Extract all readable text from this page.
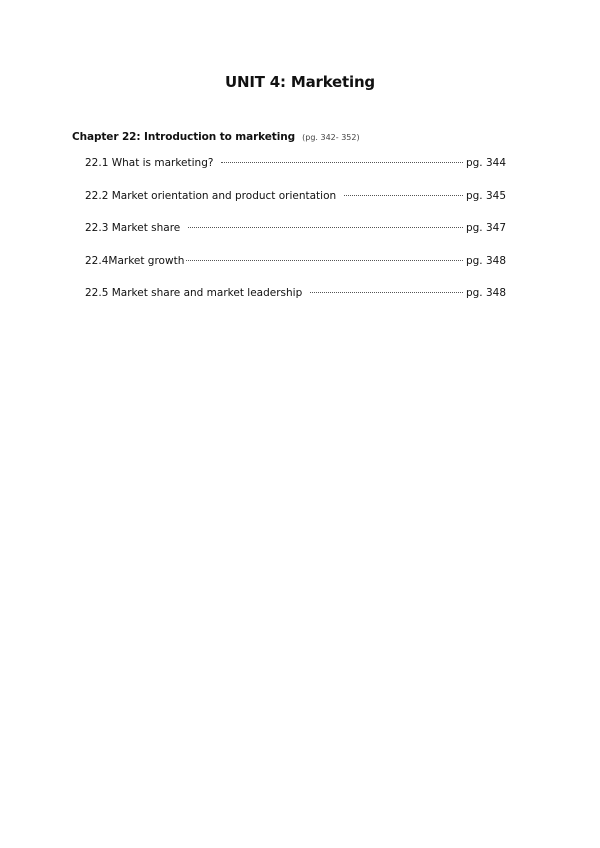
UNIT 4: Marketing
Chapter 22: Introduction to marketing (pg. 342- 352)
22.1 What is marketing?	pg. 344
22.2 Market orientation and product orientation	pg. 345
22.3 Market share	pg. 347
22.4Market growth	pg. 348
22.5 Market share and market leadership	pg. 348
